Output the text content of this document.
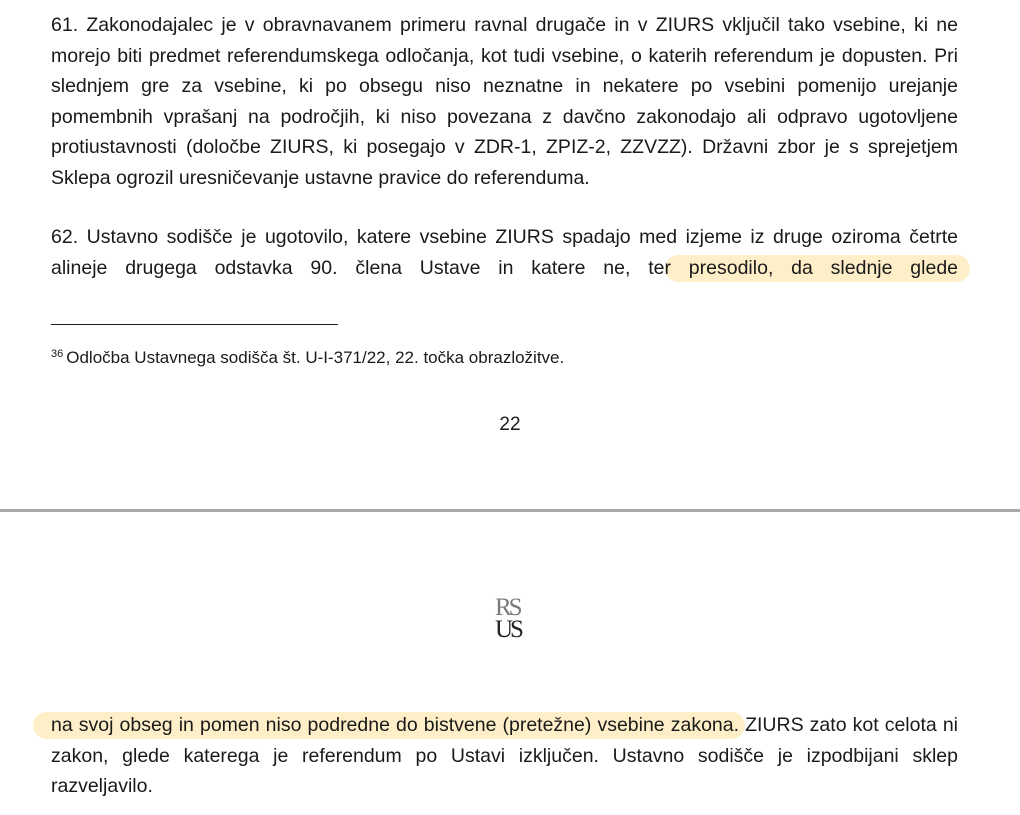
61. Zakonodajalec je v obravnavanem primeru ravnal drugače in v ZIURS vključil tako vsebine, ki ne morejo biti predmet referendumskega odločanja, kot tudi vsebine, o katerih referendum je dopusten. Pri slednjem gre za vsebine, ki po obsegu niso neznatne in nekatere po vsebini pomenijo urejanje pomembnih vprašanj na področjih, ki niso povezana z davčno zakonodajo ali odpravo ugotovljene protiustavnosti (določbe ZIURS, ki posegajo v ZDR-1, ZPIZ-2, ZZVZZ). Državni zbor je s sprejetjem Sklepa ogrozil uresničevanje ustavne pravice do referenduma.

62. Ustavno sodišče je ugotovilo, katere vsebine ZIURS spadajo med izjeme iz druge oziroma četrte alineje drugega odstavka 90. člena Ustave in katere ne, ter presodilo, da slednje glede

$^{36}$ Odločba Ustavnega sodišča št. U-I-371/22, 22. točka obrazložitve.

22

RS
US

na svoj obseg in pomen niso podredne do bistvene (pretežne) vsebine zakona. ZIURS zato kot celota ni zakon, glede katerega je referendum po Ustavi izključen. Ustavno sodišče je izpodbijani sklep razveljavilo.
